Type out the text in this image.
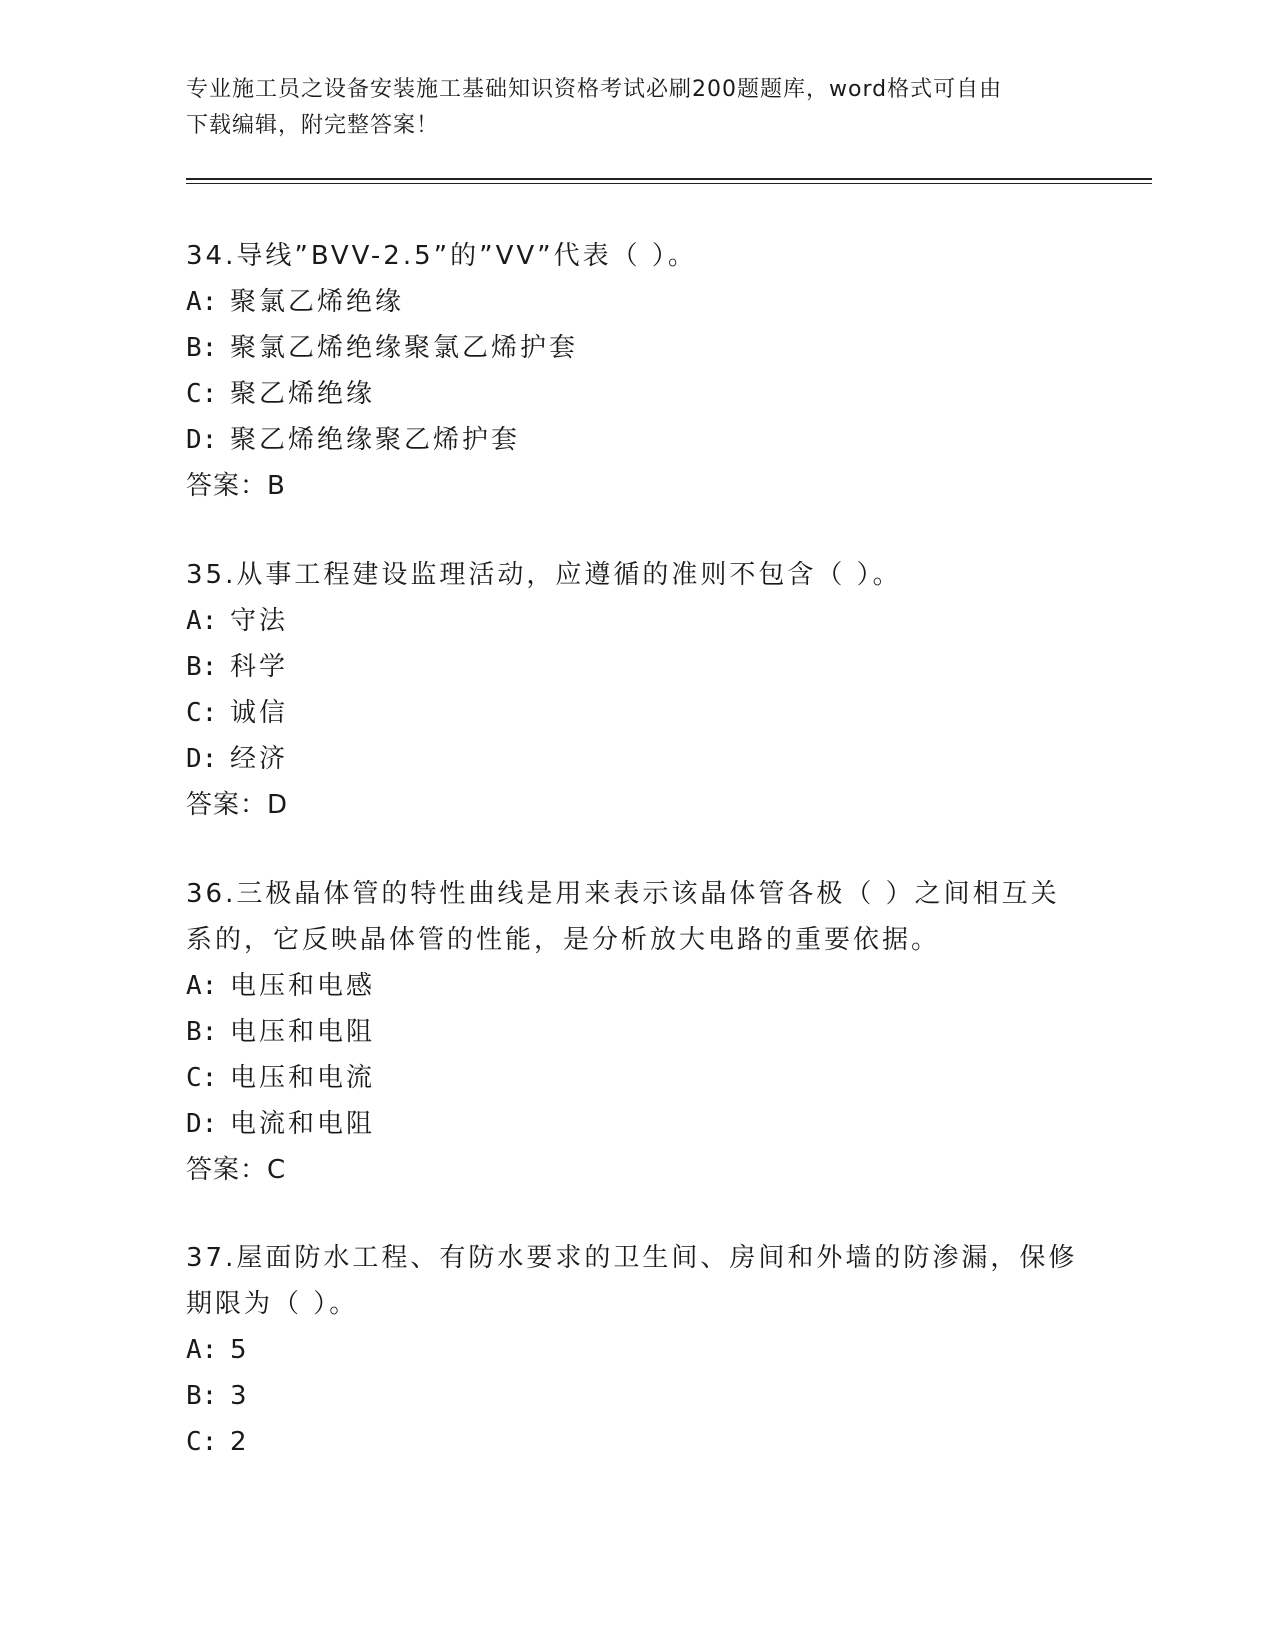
专业施工员之设备安装施工基础知识资格考试必刷200题题库，word格式可自由
下载编辑，附完整答案！

34.导线”BVV-2.5”的”VV”代表（ ）。

A: 聚氯乙烯绝缘

B: 聚氯乙烯绝缘聚氯乙烯护套

C: 聚乙烯绝缘

D: 聚乙烯绝缘聚乙烯护套

答案：B

35.从事工程建设监理活动，应遵循的准则不包含（ ）。

A: 守法

B: 科学

C: 诚信

D: 经济

答案：D

36.三极晶体管的特性曲线是用来表示该晶体管各极（ ）之间相互关

系的，它反映晶体管的性能，是分析放大电路的重要依据。

A: 电压和电感

B: 电压和电阻

C: 电压和电流

D: 电流和电阻

答案：C

37.屋面防水工程、有防水要求的卫生间、房间和外墙的防渗漏，保修

期限为（ ）。

A: 5

B: 3

C: 2
